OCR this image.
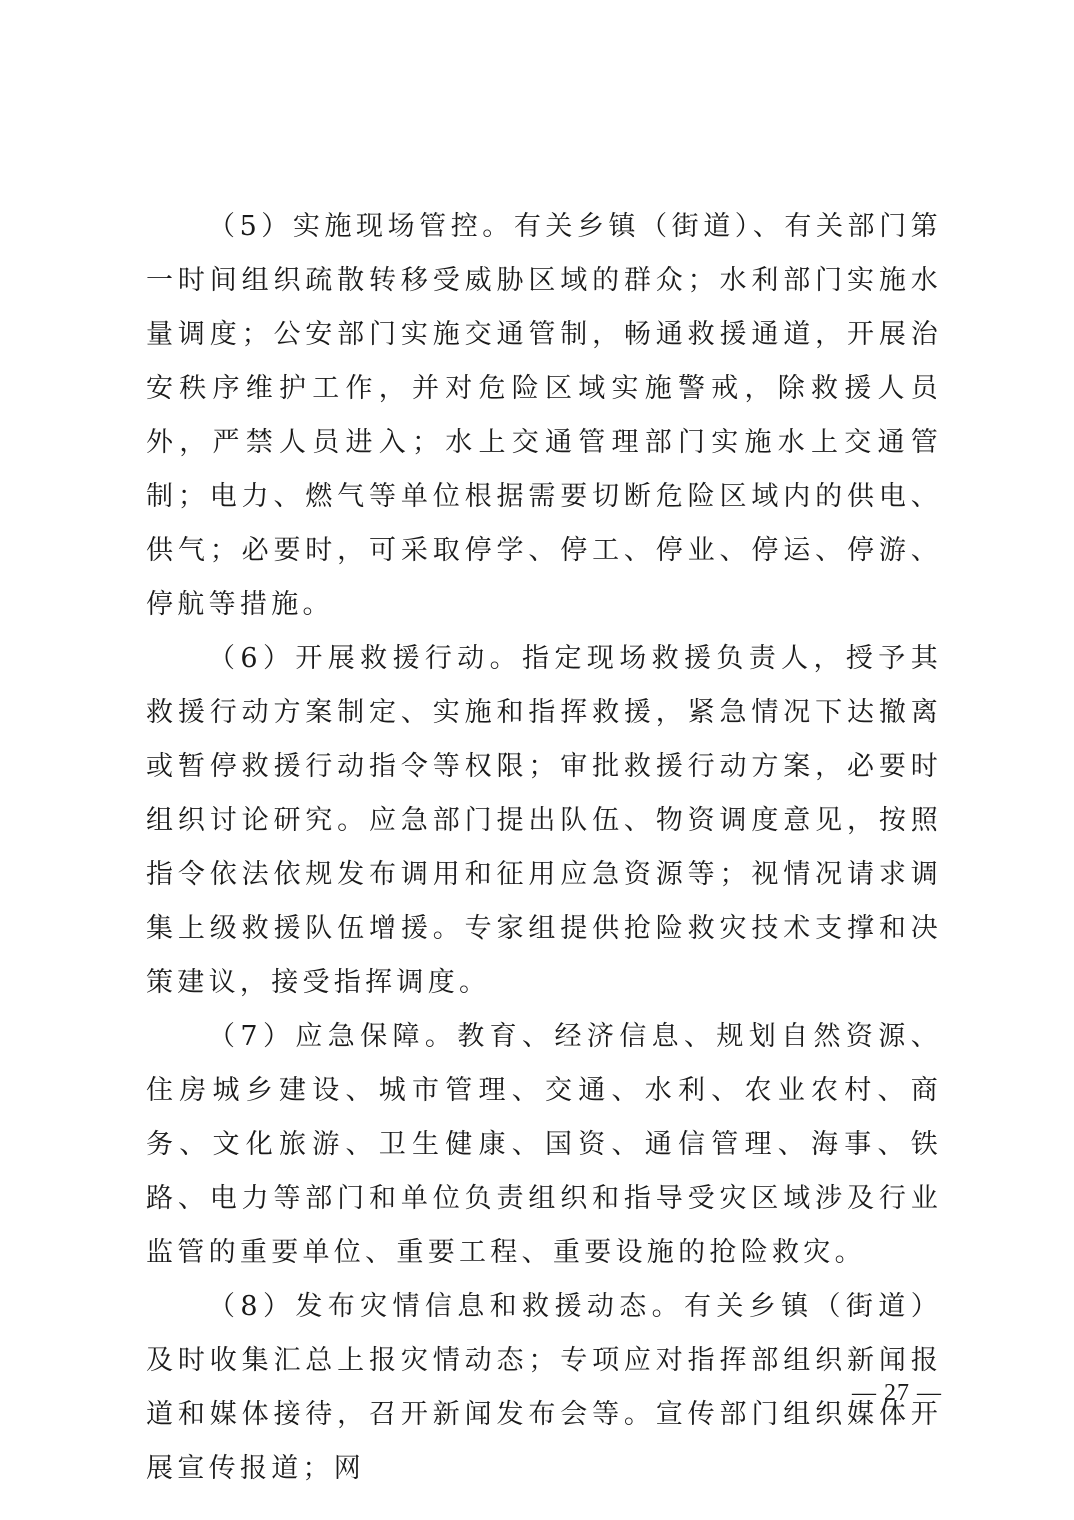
（5）实施现场管控。有关乡镇（街道）、有关部门第一时间组织疏散转移受威胁区域的群众；水利部门实施水量调度；公安部门实施交通管制，畅通救援通道，开展治安秩序维护工作，并对危险区域实施警戒，除救援人员外，严禁人员进入；水上交通管理部门实施水上交通管制；电力、燃气等单位根据需要切断危险区域内的供电、供气；必要时，可采取停学、停工、停业、停运、停游、停航等措施。

（6）开展救援行动。指定现场救援负责人，授予其救援行动方案制定、实施和指挥救援，紧急情况下达撤离或暂停救援行动指令等权限；审批救援行动方案，必要时组织讨论研究。应急部门提出队伍、物资调度意见，按照指令依法依规发布调用和征用应急资源等；视情况请求调集上级救援队伍增援。专家组提供抢险救灾技术支撑和决策建议，接受指挥调度。

（7）应急保障。教育、经济信息、规划自然资源、住房城乡建设、城市管理、交通、水利、农业农村、商务、文化旅游、卫生健康、国资、通信管理、海事、铁路、电力等部门和单位负责组织和指导受灾区域涉及行业监管的重要单位、重要工程、重要设施的抢险救灾。

（8）发布灾情信息和救援动态。有关乡镇（街道）及时收集汇总上报灾情动态；专项应对指挥部组织新闻报道和媒体接待，召开新闻发布会等。宣传部门组织媒体开展宣传报道；网

— 27 —
